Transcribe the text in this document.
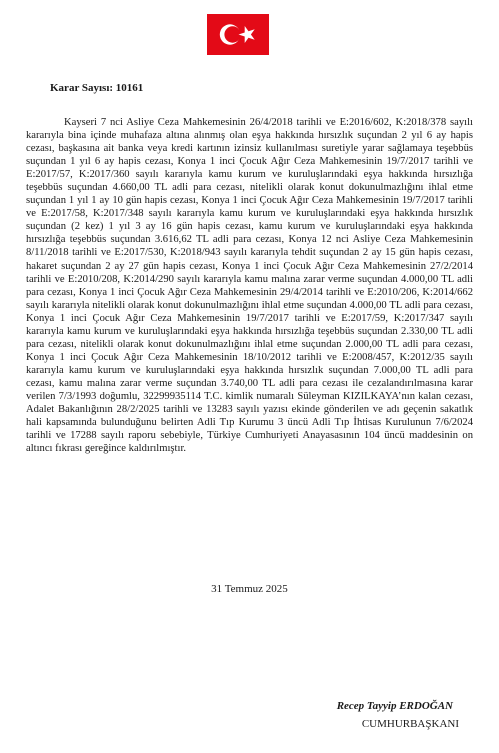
Karar Sayısı: 10161

Kayseri 7 nci Asliye Ceza Mahkemesinin 26/4/2018 tarihli ve E:2016/602, K:2018/378 sayılı kararıyla bina içinde muhafaza altına alınmış olan eşya hakkında hırsızlık suçundan 2 yıl 6 ay hapis cezası, başkasına ait banka veya kredi kartının izinsiz kullanılması suretiyle yarar sağlamaya teşebbüs suçundan 1 yıl 6 ay hapis cezası, Konya 1 inci Çocuk Ağır Ceza Mahkemesinin 19/7/2017 tarihli ve E:2017/57, K:2017/360 sayılı kararıyla kamu kurum ve kuruluşlarındaki eşya hakkında hırsızlığa teşebbüs suçundan 4.660,00 TL adli para cezası, nitelikli olarak konut dokunulmazlığını ihlal etme suçundan 1 yıl 1 ay 10 gün hapis cezası, Konya 1 inci Çocuk Ağır Ceza Mahkemesinin 19/7/2017 tarihli ve E:2017/58, K:2017/348 sayılı kararıyla kamu kurum ve kuruluşlarındaki eşya hakkında hırsızlık suçundan (2 kez) 1 yıl 3 ay 16 gün hapis cezası, kamu kurum ve kuruluşlarındaki eşya hakkında hırsızlığa teşebbüs suçundan 3.616,62 TL adli para cezası, Konya 12 nci Asliye Ceza Mahkemesinin 8/11/2018 tarihli ve E:2017/530, K:2018/943 sayılı kararıyla tehdit suçundan 2 ay 15 gün hapis cezası, hakaret suçundan 2 ay 27 gün hapis cezası, Konya 1 inci Çocuk Ağır Ceza Mahkemesinin 27/2/2014 tarihli ve E:2010/208, K:2014/290 sayılı kararıyla kamu malına zarar verme suçundan 4.000,00 TL adli para cezası, Konya 1 inci Çocuk Ağır Ceza Mahkemesinin 29/4/2014 tarihli ve E:2010/206, K:2014/662 sayılı kararıyla nitelikli olarak konut dokunulmazlığını ihlal etme suçundan 4.000,00 TL adli para cezası, Konya 1 inci Çocuk Ağır Ceza Mahkemesinin 19/7/2017 tarihli ve E:2017/59, K:2017/347 sayılı kararıyla kamu kurum ve kuruluşlarındaki eşya hakkında hırsızlığa teşebbüs suçundan 2.330,00 TL adli para cezası, nitelikli olarak konut dokunulmazlığını ihlal etme suçundan 2.000,00 TL adli para cezası, Konya 1 inci Çocuk Ağır Ceza Mahkemesinin 18/10/2012 tarihli ve E:2008/457, K:2012/35 sayılı kararıyla kamu kurum ve kuruluşlarındaki eşya hakkında hırsızlık suçundan 7.000,00 TL adli para cezası, kamu malına zarar verme suçundan 3.740,00 TL adli para cezası ile cezalandırılmasına karar verilen 7/3/1993 doğumlu, 32299935114 T.C. kimlik numaralı Süleyman KIZILKAYA’nın kalan cezası, Adalet Bakanlığının 28/2/2025 tarihli ve 13283 sayılı yazısı ekinde gönderilen ve adı geçenin sakatlık hali kapsamında bulunduğunu belirten Adli Tıp Kurumu 3 üncü Adli Tıp İhtisas Kurulunun 7/6/2024 tarihli ve 17288 sayılı raporu sebebiyle, Türkiye Cumhuriyeti Anayasasının 104 üncü maddesinin on altıncı fıkrası gereğince kaldırılmıştır.

31 Temmuz 2025
Recep Tayyip ERDOĞAN
CUMHURBAŞKANI
